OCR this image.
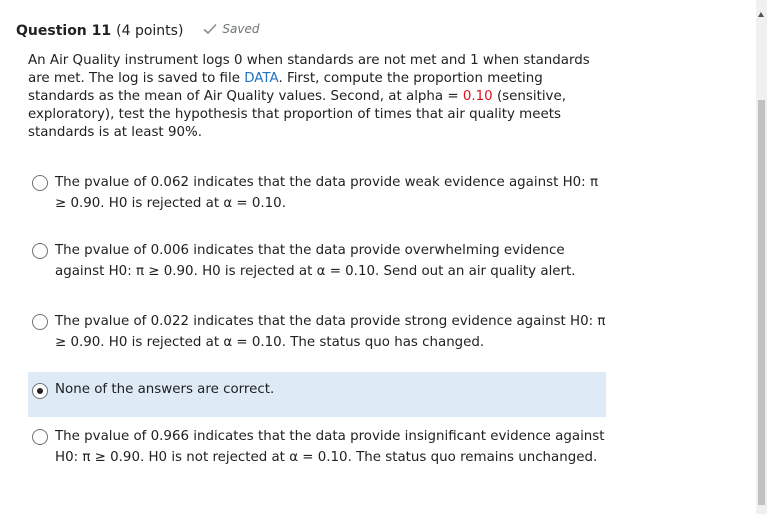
Question 11 (4 points)	Saved
An Air Quality instrument logs 0 when standards are not met and 1 when standards are met. The log is saved to file DATA. First, compute the proportion meeting standards as the mean of Air Quality values. Second, at alpha = 0.10 (sensitive, exploratory), test the hypothesis that proportion of times that air quality meets standards is at least 90%.
The pvalue of 0.062 indicates that the data provide weak evidence against H0: π ≥ 0.90. H0 is rejected at α = 0.10.
The pvalue of 0.006 indicates that the data provide overwhelming evidence against H0: π ≥ 0.90. H0 is rejected at α = 0.10. Send out an air quality alert.
The pvalue of 0.022 indicates that the data provide strong evidence against H0: π ≥ 0.90. H0 is rejected at α = 0.10. The status quo has changed.
None of the answers are correct.
The pvalue of 0.966 indicates that the data provide insignificant evidence against H0: π ≥ 0.90. H0 is not rejected at α = 0.10. The status quo remains unchanged.
